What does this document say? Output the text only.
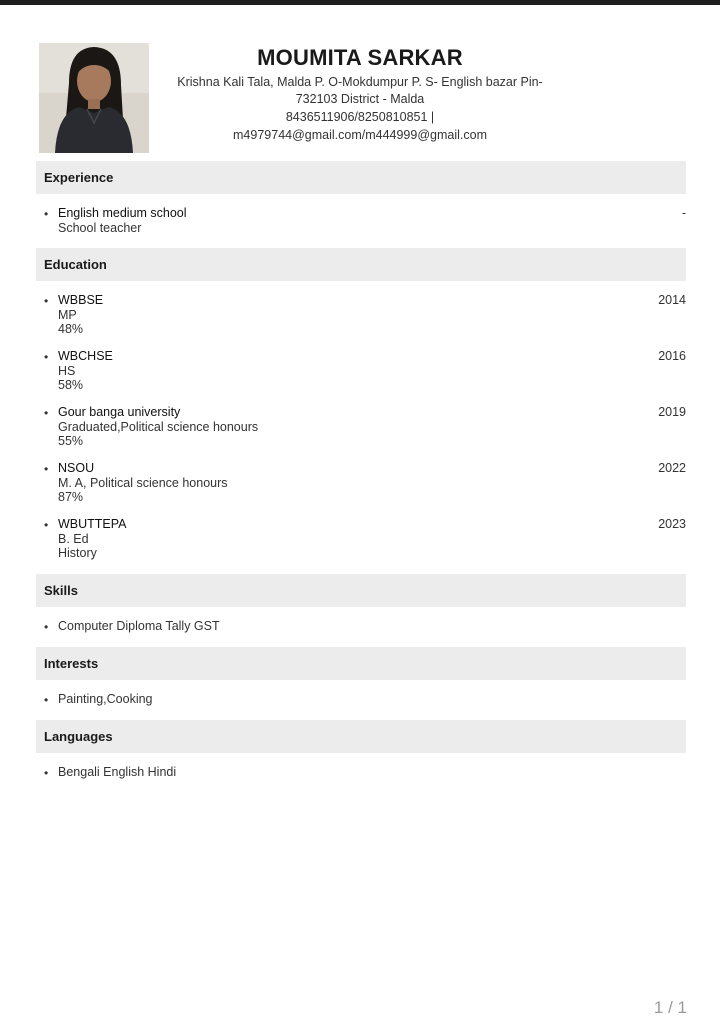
MOUMITA SARKAR
Krishna Kali Tala, Malda P. O-Mokdumpur P. S- English bazar Pin-
732103 District - Malda
8436511906/8250810851 |
m4979744@gmail.com/m444999@gmail.com
Experience
• English medium school
School teacher
-
Education
• WBBSE
MP
48%
2014
• WBCHSE
HS
58%
2016
• Gour banga university
Graduated,Political science honours
55%
2019
• NSOU
M. A, Political science honours
87%
2022
• WBUTTEPA
B. Ed
History
2023
Skills
• Computer Diploma Tally GST
Interests
• Painting,Cooking
Languages
• Bengali English Hindi
1 / 1
